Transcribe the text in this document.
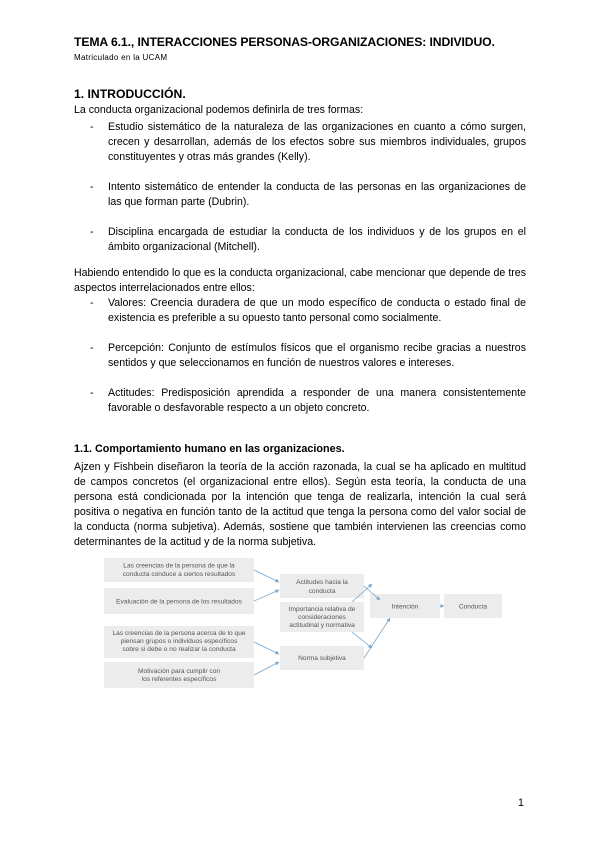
TEMA 6.1., INTERACCIONES PERSONAS-ORGANIZACIONES: INDIVIDUO.
Matriculado en la UCAM
1. INTRODUCCIÓN.
La conducta organizacional podemos definirla de tres formas:
- Estudio sistemático de la naturaleza de las organizaciones en cuanto a cómo surgen, crecen y desarrollan, además de los efectos sobre sus miembros individuales, grupos constituyentes y otras más grandes (Kelly).
- Intento sistemático de entender la conducta de las personas en las organizaciones de las que forman parte (Dubrin).
- Disciplina encargada de estudiar la conducta de los individuos y de los grupos en el ámbito organizacional (Mitchell).
Habiendo entendido lo que es la conducta organizacional, cabe mencionar que depende de tres aspectos interrelacionados entre ellos:
- Valores: Creencia duradera de que un modo específico de conducta o estado final de existencia es preferible a su opuesto tanto personal como socialmente.
- Percepción: Conjunto de estímulos físicos que el organismo recibe gracias a nuestros sentidos y que seleccionamos en función de nuestros valores e intereses.
- Actitudes: Predisposición aprendida a responder de una manera consistentemente favorable o desfavorable respecto a un objeto concreto.
1.1. Comportamiento humano en las organizaciones.
Ajzen y Fishbein diseñaron la teoría de la acción razonada, la cual se ha aplicado en multitud de campos concretos (el organizacional entre ellos). Según esta teoría, la conducta de una persona está condicionada por la intención que tenga de realizarla, intención la cual será positiva o negativa en función tanto de la actitud que tenga la persona como del valor social de la conducta (norma subjetiva). Además, sostiene que también intervienen las creencias como determinantes de la actitud y de la norma subjetiva.
Las creencias de la persona de que la
conducta conduce a ciertos resultados
Evaluación de la persona de los resultados
Las creencias de la persona acerca de lo que
piensan grupos o individuos específicos
sobre si debe o no realizar la conducta
Motivación para cumplir con
los referentes específicos
Actitudes hacia la
conducta
Importancia relativa de
consideraciones
actitudinal y normativa
Norma subjetiva
Intención	Conducta
1
